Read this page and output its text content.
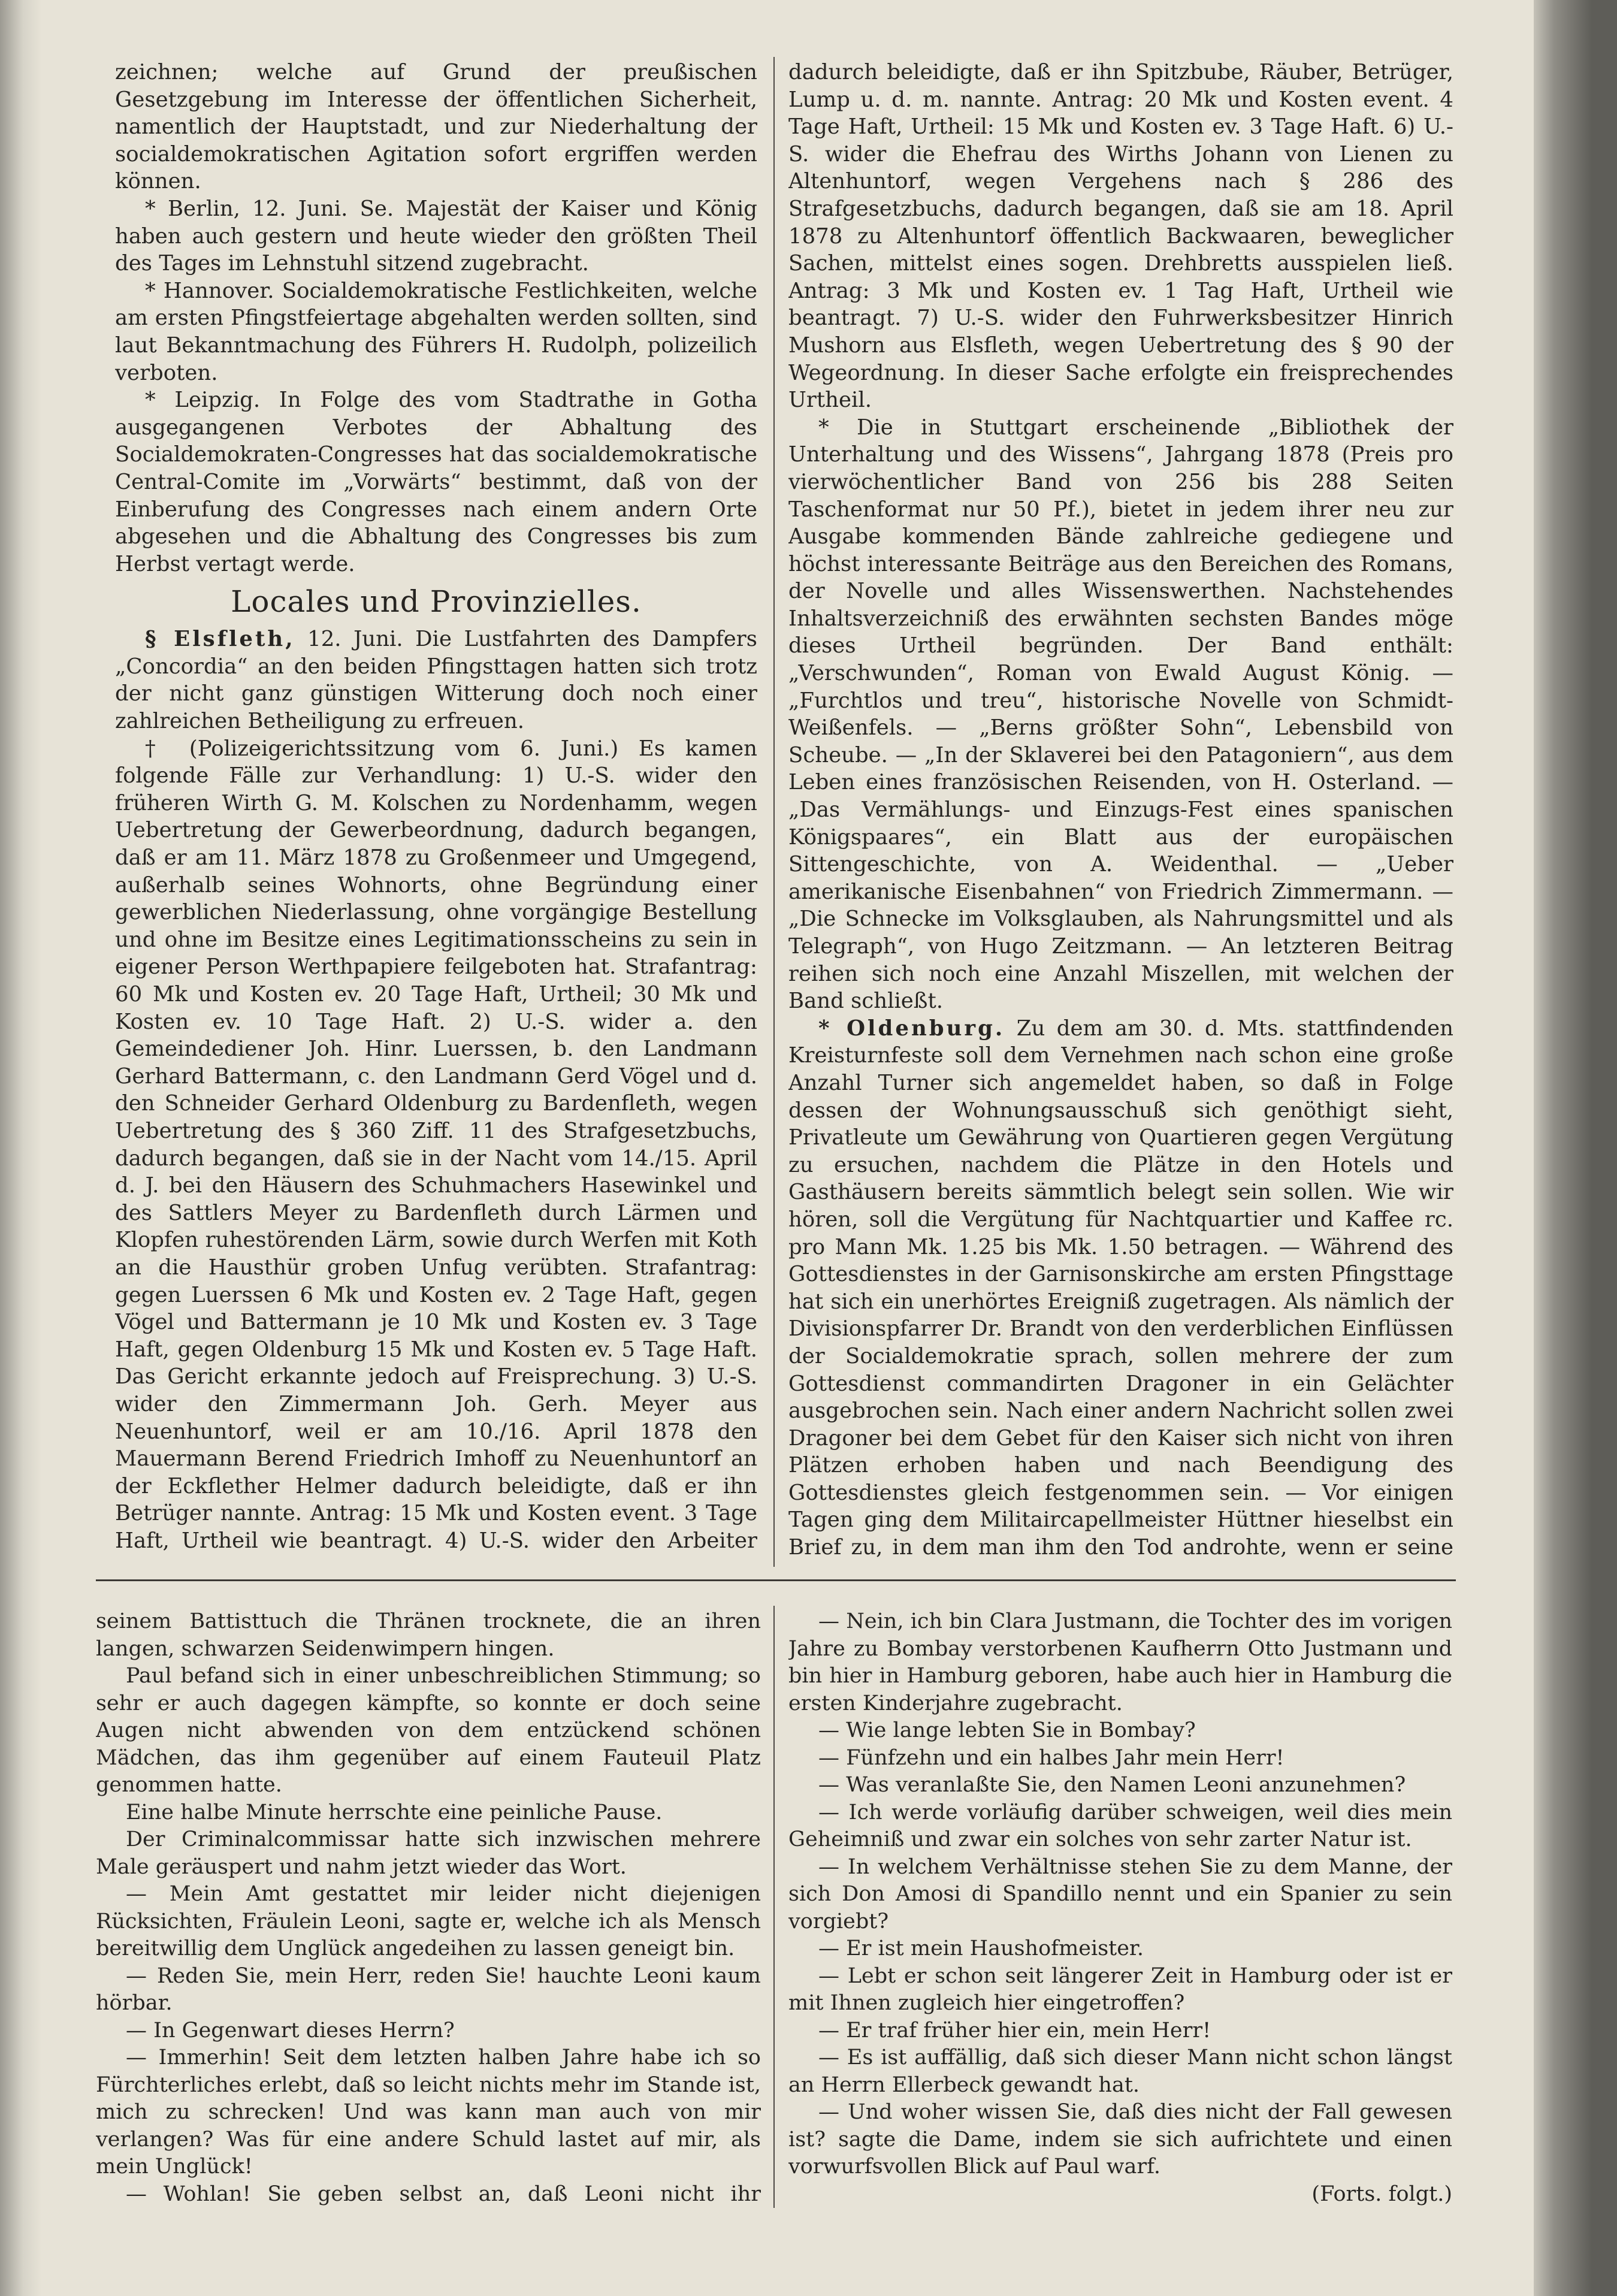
zeichnen; welche auf Grund der preußischen Gesetzgebung im Interesse der öffentlichen Sicherheit, namentlich der Hauptstadt, und zur Niederhaltung der socialdemokratischen Agitation sofort ergriffen werden können.

* Berlin, 12. Juni. Se. Majestät der Kaiser und König haben auch gestern und heute wieder den größten Theil des Tages im Lehnstuhl sitzend zugebracht.

* Hannover. Socialdemokratische Festlichkeiten, welche am ersten Pfingstfeiertage abgehalten werden sollten, sind laut Bekanntmachung des Führers H. Rudolph, polizeilich verboten.

* Leipzig. In Folge des vom Stadtrathe in Gotha ausgegangenen Verbotes der Abhaltung des Socialdemokraten-Congresses hat das socialdemokratische Central-Comite im „Vorwärts“ bestimmt, daß von der Einberufung des Congresses nach einem andern Orte abgesehen und die Abhaltung des Congresses bis zum Herbst vertagt werde.

Locales und Provinzielles.

§ Elsfleth, 12. Juni. Die Lustfahrten des Dampfers „Concordia“ an den beiden Pfingsttagen hatten sich trotz der nicht ganz günstigen Witterung doch noch einer zahlreichen Betheiligung zu erfreuen.

† (Polizeigerichtssitzung vom 6. Juni.) Es kamen folgende Fälle zur Verhandlung: 1) U.-S. wider den früheren Wirth G. M. Kolschen zu Nordenhamm, wegen Uebertretung der Gewerbeordnung, dadurch begangen, daß er am 11. März 1878 zu Großenmeer und Umgegend, außerhalb seines Wohnorts, ohne Begründung einer gewerblichen Niederlassung, ohne vorgängige Bestellung und ohne im Besitze eines Legitimationsscheins zu sein in eigener Person Werthpapiere feilgeboten hat. Strafantrag: 60 Mk und Kosten ev. 20 Tage Haft, Urtheil; 30 Mk und Kosten ev. 10 Tage Haft. 2) U.-S. wider a. den Gemeindediener Joh. Hinr. Luerssen, b. den Landmann Gerhard Battermann, c. den Landmann Gerd Vögel und d. den Schneider Gerhard Oldenburg zu Bardenfleth, wegen Uebertretung des § 360 Ziff. 11 des Strafgesetzbuchs, dadurch begangen, daß sie in der Nacht vom 14./15. April d. J. bei den Häusern des Schuhmachers Hasewinkel und des Sattlers Meyer zu Bardenfleth durch Lärmen und Klopfen ruhestörenden Lärm, sowie durch Werfen mit Koth an die Hausthür groben Unfug verübten. Strafantrag: gegen Luerssen 6 Mk und Kosten ev. 2 Tage Haft, gegen Vögel und Battermann je 10 Mk und Kosten ev. 3 Tage Haft, gegen Oldenburg 15 Mk und Kosten ev. 5 Tage Haft. Das Gericht erkannte jedoch auf Freisprechung. 3) U.-S. wider den Zimmermann Joh. Gerh. Meyer aus Neuenhuntorf, weil er am 10./16. April 1878 den Mauermann Berend Friedrich Imhoff zu Neuenhuntorf an der Eckflether Helmer dadurch beleidigte, daß er ihn Betrüger nannte. Antrag: 15 Mk und Kosten event. 3 Tage Haft, Urtheil wie beantragt. 4) U.-S. wider den Arbeiter

dadurch beleidigte, daß er ihn Spitzbube, Räuber, Betrüger, Lump u. d. m. nannte. Antrag: 20 Mk und Kosten event. 4 Tage Haft, Urtheil: 15 Mk und Kosten ev. 3 Tage Haft. 6) U.-S. wider die Ehefrau des Wirths Johann von Lienen zu Altenhuntorf, wegen Vergehens nach § 286 des Strafgesetzbuchs, dadurch begangen, daß sie am 18. April 1878 zu Altenhuntorf öffentlich Backwaaren, beweglicher Sachen, mittelst eines sogen. Drehbretts ausspielen ließ. Antrag: 3 Mk und Kosten ev. 1 Tag Haft, Urtheil wie beantragt. 7) U.-S. wider den Fuhrwerksbesitzer Hinrich Mushorn aus Elsfleth, wegen Uebertretung des § 90 der Wegeordnung. In dieser Sache erfolgte ein freisprechendes Urtheil.

* Die in Stuttgart erscheinende „Bibliothek der Unterhaltung und des Wissens“, Jahrgang 1878 (Preis pro vierwöchentlicher Band von 256 bis 288 Seiten Taschenformat nur 50 Pf.), bietet in jedem ihrer neu zur Ausgabe kommenden Bände zahlreiche gediegene und höchst interessante Beiträge aus den Bereichen des Romans, der Novelle und alles Wissenswerthen. Nachstehendes Inhaltsverzeichniß des erwähnten sechsten Bandes möge dieses Urtheil begründen. Der Band enthält: „Verschwunden“, Roman von Ewald August König. — „Furchtlos und treu“, historische Novelle von Schmidt-Weißenfels. — „Berns größter Sohn“, Lebensbild von Scheube. — „In der Sklaverei bei den Patagoniern“, aus dem Leben eines französischen Reisenden, von H. Osterland. — „Das Vermählungs- und Einzugs-Fest eines spanischen Königspaares“, ein Blatt aus der europäischen Sittengeschichte, von A. Weidenthal. — „Ueber amerikanische Eisenbahnen“ von Friedrich Zimmermann. — „Die Schnecke im Volksglauben, als Nahrungsmittel und als Telegraph“, von Hugo Zeitzmann. — An letzteren Beitrag reihen sich noch eine Anzahl Miszellen, mit welchen der Band schließt.

* Oldenburg. Zu dem am 30. d. Mts. stattfindenden Kreisturnfeste soll dem Vernehmen nach schon eine große Anzahl Turner sich angemeldet haben, so daß in Folge dessen der Wohnungsausschuß sich genöthigt sieht, Privatleute um Gewährung von Quartieren gegen Vergütung zu ersuchen, nachdem die Plätze in den Hotels und Gasthäusern bereits sämmtlich belegt sein sollen. Wie wir hören, soll die Vergütung für Nachtquartier und Kaffee rc. pro Mann Mk. 1.25 bis Mk. 1.50 betragen. — Während des Gottesdienstes in der Garnisonskirche am ersten Pfingsttage hat sich ein unerhörtes Ereigniß zugetragen. Als nämlich der Divisionspfarrer Dr. Brandt von den verderblichen Einflüssen der Socialdemokratie sprach, sollen mehrere der zum Gottesdienst commandirten Dragoner in ein Gelächter ausgebrochen sein. Nach einer andern Nachricht sollen zwei Dragoner bei dem Gebet für den Kaiser sich nicht von ihren Plätzen erhoben haben und nach Beendigung des Gottesdienstes gleich festgenommen sein. — Vor einigen Tagen ging dem Militaircapellmeister Hüttner hieselbst ein Brief zu, in dem man ihm den Tod androhte, wenn er seine

seinem Battisttuch die Thränen trocknete, die an ihren langen, schwarzen Seidenwimpern hingen.

Paul befand sich in einer unbeschreiblichen Stimmung; so sehr er auch dagegen kämpfte, so konnte er doch seine Augen nicht abwenden von dem entzückend schönen Mädchen, das ihm gegenüber auf einem Fauteuil Platz genommen hatte.

Eine halbe Minute herrschte eine peinliche Pause.

Der Criminalcommissar hatte sich inzwischen mehrere Male geräuspert und nahm jetzt wieder das Wort.

— Mein Amt gestattet mir leider nicht diejenigen Rücksichten, Fräulein Leoni, sagte er, welche ich als Mensch bereitwillig dem Unglück angedeihen zu lassen geneigt bin.

— Reden Sie, mein Herr, reden Sie! hauchte Leoni kaum hörbar.

— In Gegenwart dieses Herrn?

— Immerhin! Seit dem letzten halben Jahre habe ich so Fürchterliches erlebt, daß so leicht nichts mehr im Stande ist, mich zu schrecken! Und was kann man auch von mir verlangen? Was für eine andere Schuld lastet auf mir, als mein Unglück!

— Wohlan! Sie geben selbst an, daß Leoni nicht ihr

— Nein, ich bin Clara Justmann, die Tochter des im vorigen Jahre zu Bombay verstorbenen Kaufherrn Otto Justmann und bin hier in Hamburg geboren, habe auch hier in Hamburg die ersten Kinderjahre zugebracht.

— Wie lange lebten Sie in Bombay?

— Fünfzehn und ein halbes Jahr mein Herr!

— Was veranlaßte Sie, den Namen Leoni anzunehmen?

— Ich werde vorläufig darüber schweigen, weil dies mein Geheimniß und zwar ein solches von sehr zarter Natur ist.

— In welchem Verhältnisse stehen Sie zu dem Manne, der sich Don Amosi di Spandillo nennt und ein Spanier zu sein vorgiebt?

— Er ist mein Haushofmeister.

— Lebt er schon seit längerer Zeit in Hamburg oder ist er mit Ihnen zugleich hier eingetroffen?

— Er traf früher hier ein, mein Herr!

— Es ist auffällig, daß sich dieser Mann nicht schon längst an Herrn Ellerbeck gewandt hat.

— Und woher wissen Sie, daß dies nicht der Fall gewesen ist? sagte die Dame, indem sie sich aufrichtete und einen vorwurfsvollen Blick auf Paul warf.

(Forts. folgt.)
